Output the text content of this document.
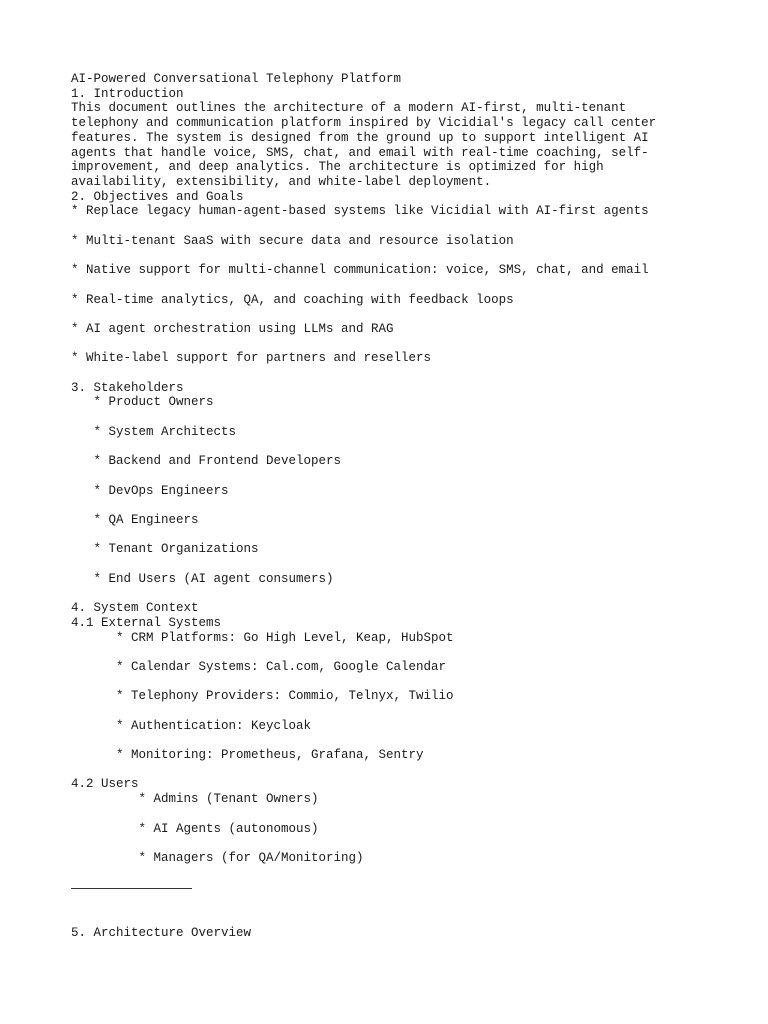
AI-Powered Conversational Telephony Platform
1. Introduction
This document outlines the architecture of a modern AI-first, multi-tenant
telephony and communication platform inspired by Vicidial's legacy call center
features. The system is designed from the ground up to support intelligent AI
agents that handle voice, SMS, chat, and email with real-time coaching, self-
improvement, and deep analytics. The architecture is optimized for high
availability, extensibility, and white-label deployment.
2. Objectives and Goals
* Replace legacy human-agent-based systems like Vicidial with AI-first agents
* Multi-tenant SaaS with secure data and resource isolation
* Native support for multi-channel communication: voice, SMS, chat, and email
* Real-time analytics, QA, and coaching with feedback loops
* AI agent orchestration using LLMs and RAG
* White-label support for partners and resellers
3. Stakeholders
* Product Owners
* System Architects
* Backend and Frontend Developers
* DevOps Engineers
* QA Engineers
* Tenant Organizations
* End Users (AI agent consumers)
4. System Context
4.1 External Systems
* CRM Platforms: Go High Level, Keap, HubSpot
* Calendar Systems: Cal.com, Google Calendar
* Telephony Providers: Commio, Telnyx, Twilio
* Authentication: Keycloak
* Monitoring: Prometheus, Grafana, Sentry
4.2 Users
* Admins (Tenant Owners)
* AI Agents (autonomous)
* Managers (for QA/Monitoring)
5. Architecture Overview
